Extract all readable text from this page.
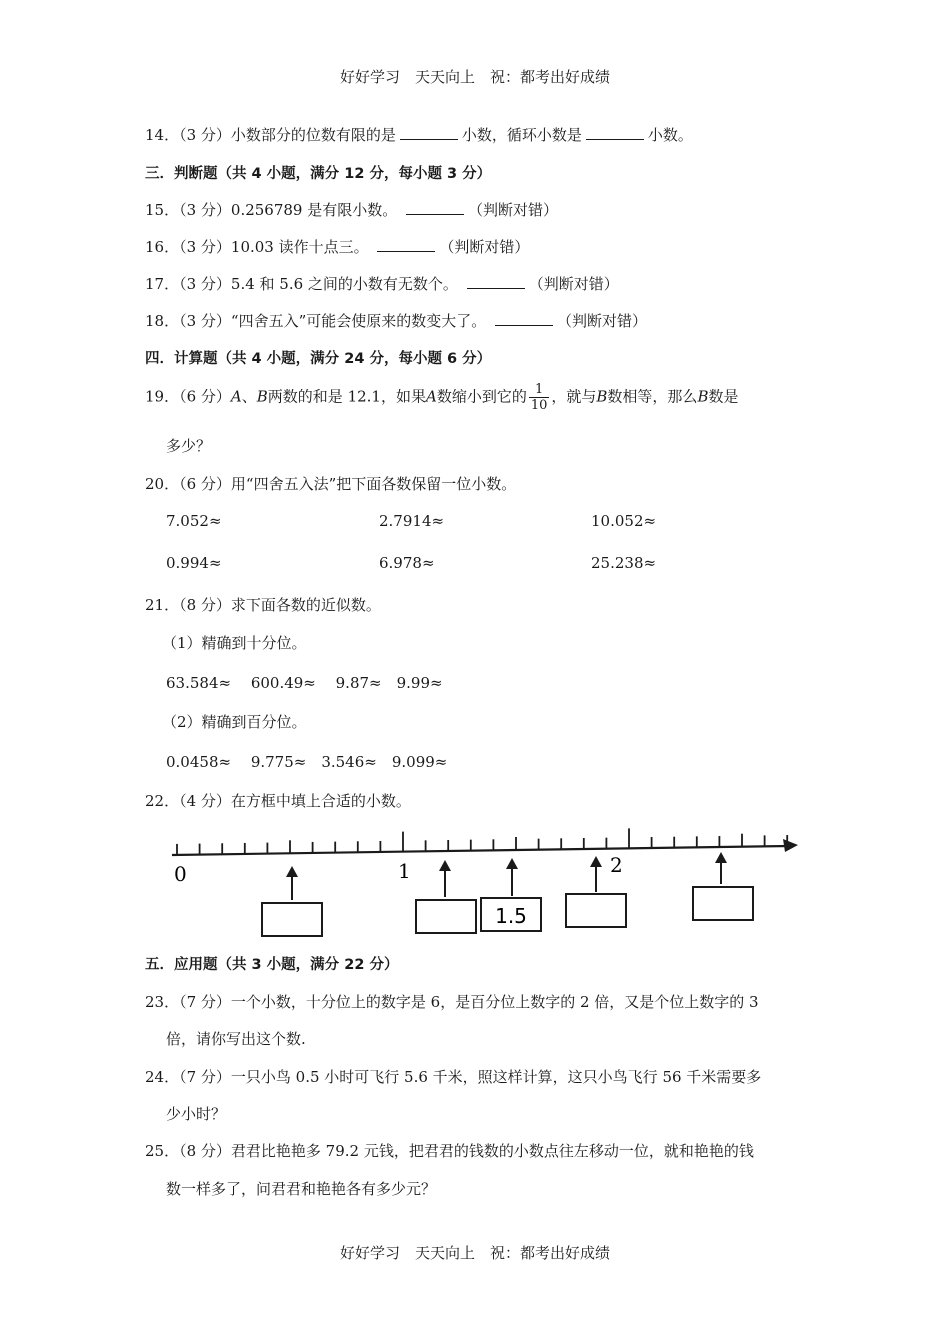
好好学习　天天向上　祝：都考出好成绩
14．（3 分）小数部分的位数有限的是	小数，循环小数是	小数。
三．判断题（共 4 小题，满分 12 分，每小题 3 分）
15．（3 分）0.256789 是有限小数。	（判断对错）
16．（3 分）10.03 读作十点三。	（判断对错）
17．（3 分）5.4 和 5.6 之间的小数有无数个。	（判断对错）
18．（3 分）“四舍五入”可能会使原来的数变大了。	（判断对错）
四．计算题（共 4 小题，满分 24 分，每小题 6 分）
19．（6 分）A、B两数的和是 12.1，如果A数缩小到它的 $\frac{1}{10}$ ，就与B数相等，那么B数是
多少？
20．（6 分）用“四舍五入法”把下面各数保留一位小数。
7.052≈	2.7914≈	10.052≈
0.994≈	6.978≈	25.238≈
21．（8 分）求下面各数的近似数。
（1）精确到十分位。
63.584≈　 600.49≈　 9.87≈　9.99≈
（2）精确到百分位。
0.0458≈　 9.775≈　3.546≈　9.099≈
22．（4 分）在方框中填上合适的小数。
0	1	2
1.5
五．应用题（共 3 小题，满分 22 分）
23．（7 分）一个小数，十分位上的数字是 6，是百分位上数字的 2 倍，又是个位上数字的 3
倍，请你写出这个数.
24．（7 分）一只小鸟 0.5 小时可飞行 5.6 千米，照这样计算，这只小鸟飞行 56 千米需要多
少小时？
25．（8 分）君君比艳艳多 79.2 元钱，把君君的钱数的小数点往左移动一位，就和艳艳的钱
数一样多了，问君君和艳艳各有多少元？
好好学习　天天向上　祝：都考出好成绩
